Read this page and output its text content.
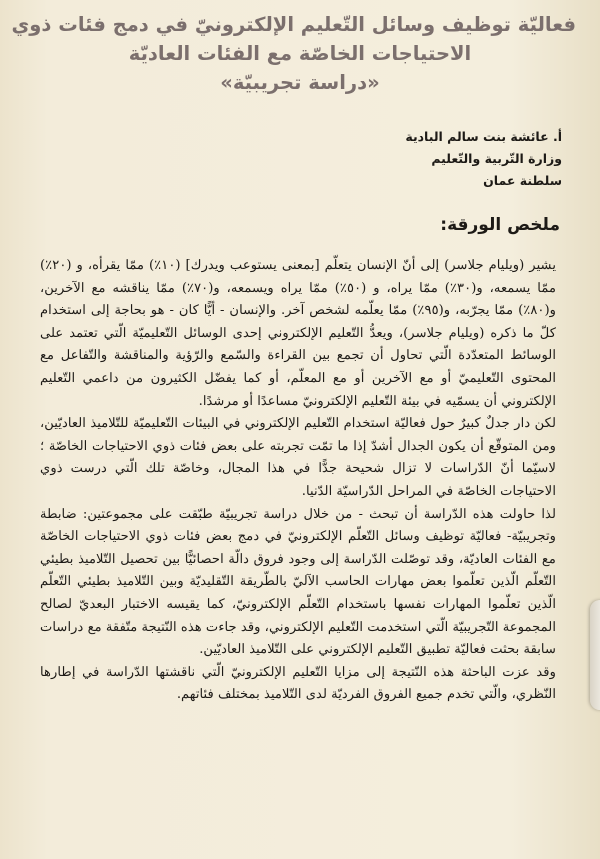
فعاليّة توظيف وسائل التّعليم الإلكترونيّ في دمج فئات ذوي
الاحتياجات الخاصّة مع الفئات العاديّة
«دراسة تجريبيّة»
أ. عائشة بنت سالم البادية
وزارة التّربية والتّعليم
سلطنة عمان
ملخص الورقة:

يشير (ويليام جلاسر) إلى أنّ الإنسان يتعلّم [بمعنى يستوعب ويدرك] (١٠٪) ممّا يقرأه، و (٢٠٪) ممّا يسمعه، و(٣٠٪) ممّا يراه، و (٥٠٪) ممّا يراه ويسمعه، و(٧٠٪) ممّا يناقشه مع الآخرين، و(٨٠٪) ممّا يجرّبه، و(٩٥٪) ممّا يعلّمه لشخص آخر. والإنسان - أيًّا كان - هو بحاجة إلى استخدام كلّ ما ذكره (ويليام جلاسر)، ويعدُّ التّعليم الإلكتروني إحدى الوسائل التّعليميّة الّتي تعتمد على الوسائط المتعدّدة الّتي تحاول أن تجمع بين القراءة والسّمع والرّؤية والمناقشة والتّفاعل مع المحتوى التّعليميّ أو مع الآخرين أو مع المعلّم، أو كما يفضّل الكثيرون من داعمي التّعليم الإلكتروني أن يسمّيه في بيئة التّعليم الإلكترونيّ مساعدًا أو مرشدًا.

لكن دار جدلٌ كبيرٌ حول فعاليّة استخدام التّعليم الإلكتروني في البيئات التّعليميّة للتّلاميذ العاديّين، ومن المتوقّع أن يكون الجدال أشدّ إذا ما تمّت تجربته على بعض فئات ذوي الاحتياجات الخاصّة ؛ لاسيّما أنّ الدّراسات لا تزال شحيحة جدًّا في هذا المجال، وخاصّة تلك الّتي درست ذوي الاحتياجات الخاصّة في المراحل الدّراسيّة الدّنيا.

لذا حاولت هذه الدّراسة أن تبحث - من خلال دراسة تجريبيّة طبّقت على مجموعتين: ضابطة وتجريبيّة- فعاليّة توظيف وسائل التّعلّم الإلكترونيّ في دمج بعض فئات ذوي الاحتياجات الخاصّة مع الفئات العاديّة، وقد توصّلت الدّراسة إلى وجود فروق دالّة احصائيًّا بين تحصيل التّلاميذ بطيئي التّعلّم الّذين تعلّموا بعض مهارات الحاسب الآليّ بالطّريقة التّقليديّة وبين التّلاميذ بطيئي التّعلّم الّذين تعلّموا المهارات نفسها باستخدام التّعلّم الإلكترونيّ، كما يقيسه الاختبار البعديّ لصالح المجموعة التّجريبيّة الّتي استخدمت التّعليم الإلكتروني، وقد جاءت هذه النّتيجة متّفقة مع دراسات سابقة بحثت فعاليّة تطبيق التّعليم الإلكتروني على التّلاميذ العاديّين.

وقد عزت الباحثة هذه النّتيجة إلى مزايا التّعليم الإلكترونيّ الّتي ناقشتها الدّراسة في إطارها النّظري، والّتي تخدم جميع الفروق الفرديّة لدى التّلاميذ بمختلف فئاتهم.
